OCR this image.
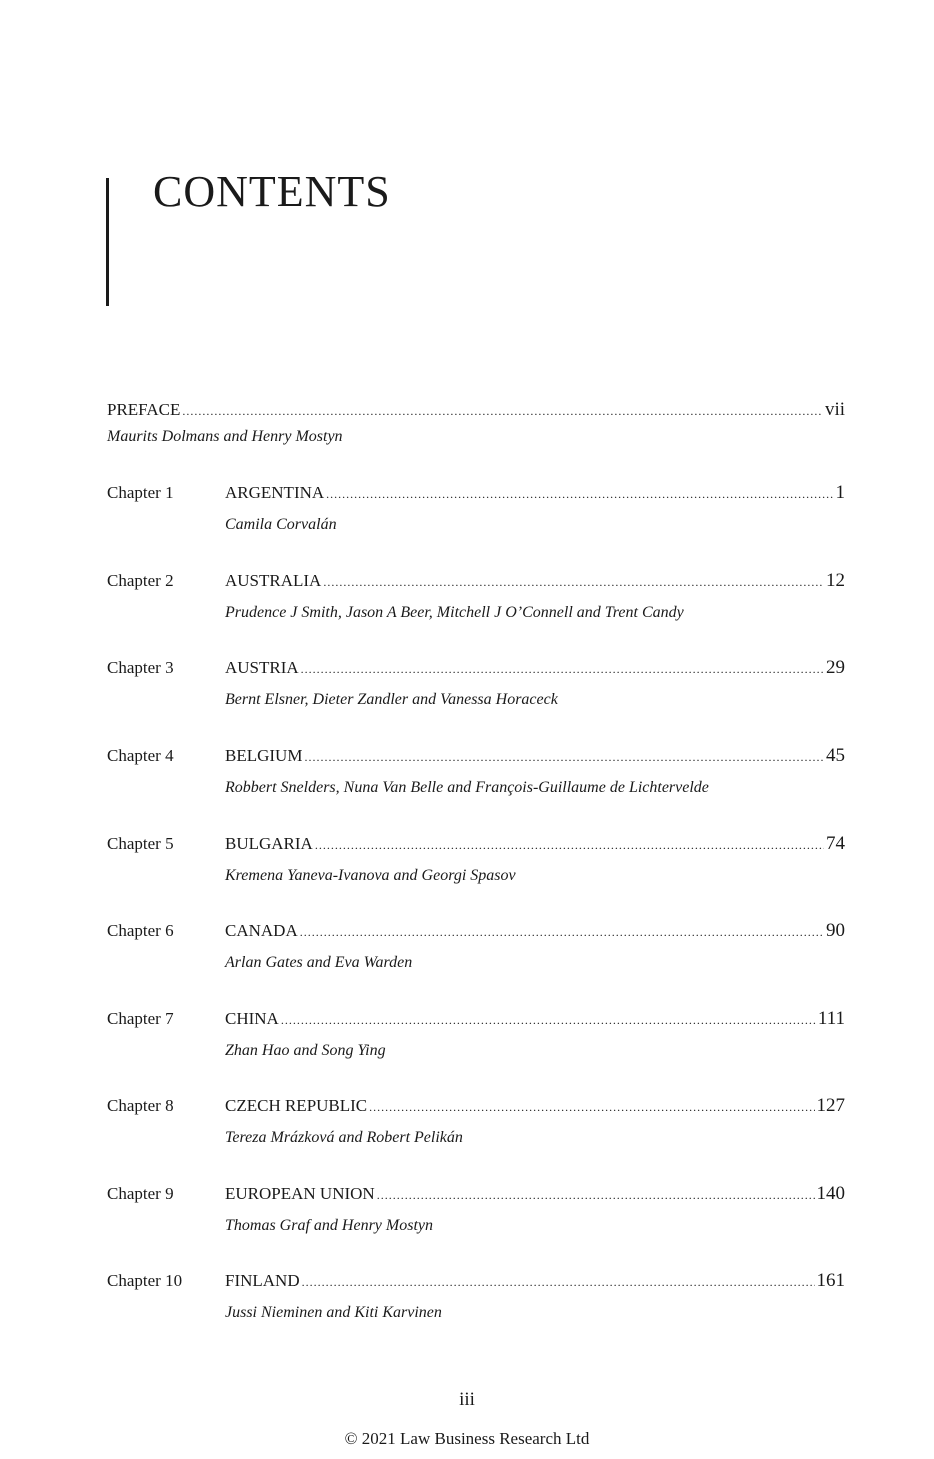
CONTENTS
PREFACE .....	vii
Maurits Dolmans and Henry Mostyn
Chapter 1	ARGENTINA .....	1
Camila Corvalán
Chapter 2	AUSTRALIA .....	12
Prudence J Smith, Jason A Beer, Mitchell J O’Connell and Trent Candy
Chapter 3	AUSTRIA .....	29
Bernt Elsner, Dieter Zandler and Vanessa Horaceck
Chapter 4	BELGIUM .....	45
Robbert Snelders, Nuna Van Belle and François-Guillaume de Lichtervelde
Chapter 5	BULGARIA .....	74
Kremena Yaneva-Ivanova and Georgi Spasov
Chapter 6	CANADA .....	90
Arlan Gates and Eva Warden
Chapter 7	CHINA .....	111
Zhan Hao and Song Ying
Chapter 8	CZECH REPUBLIC .....	127
Tereza Mrázková and Robert Pelikán
Chapter 9	EUROPEAN UNION .....	140
Thomas Graf and Henry Mostyn
Chapter 10	FINLAND .....	161
Jussi Nieminen and Kiti Karvinen
iii
© 2021 Law Business Research Ltd
